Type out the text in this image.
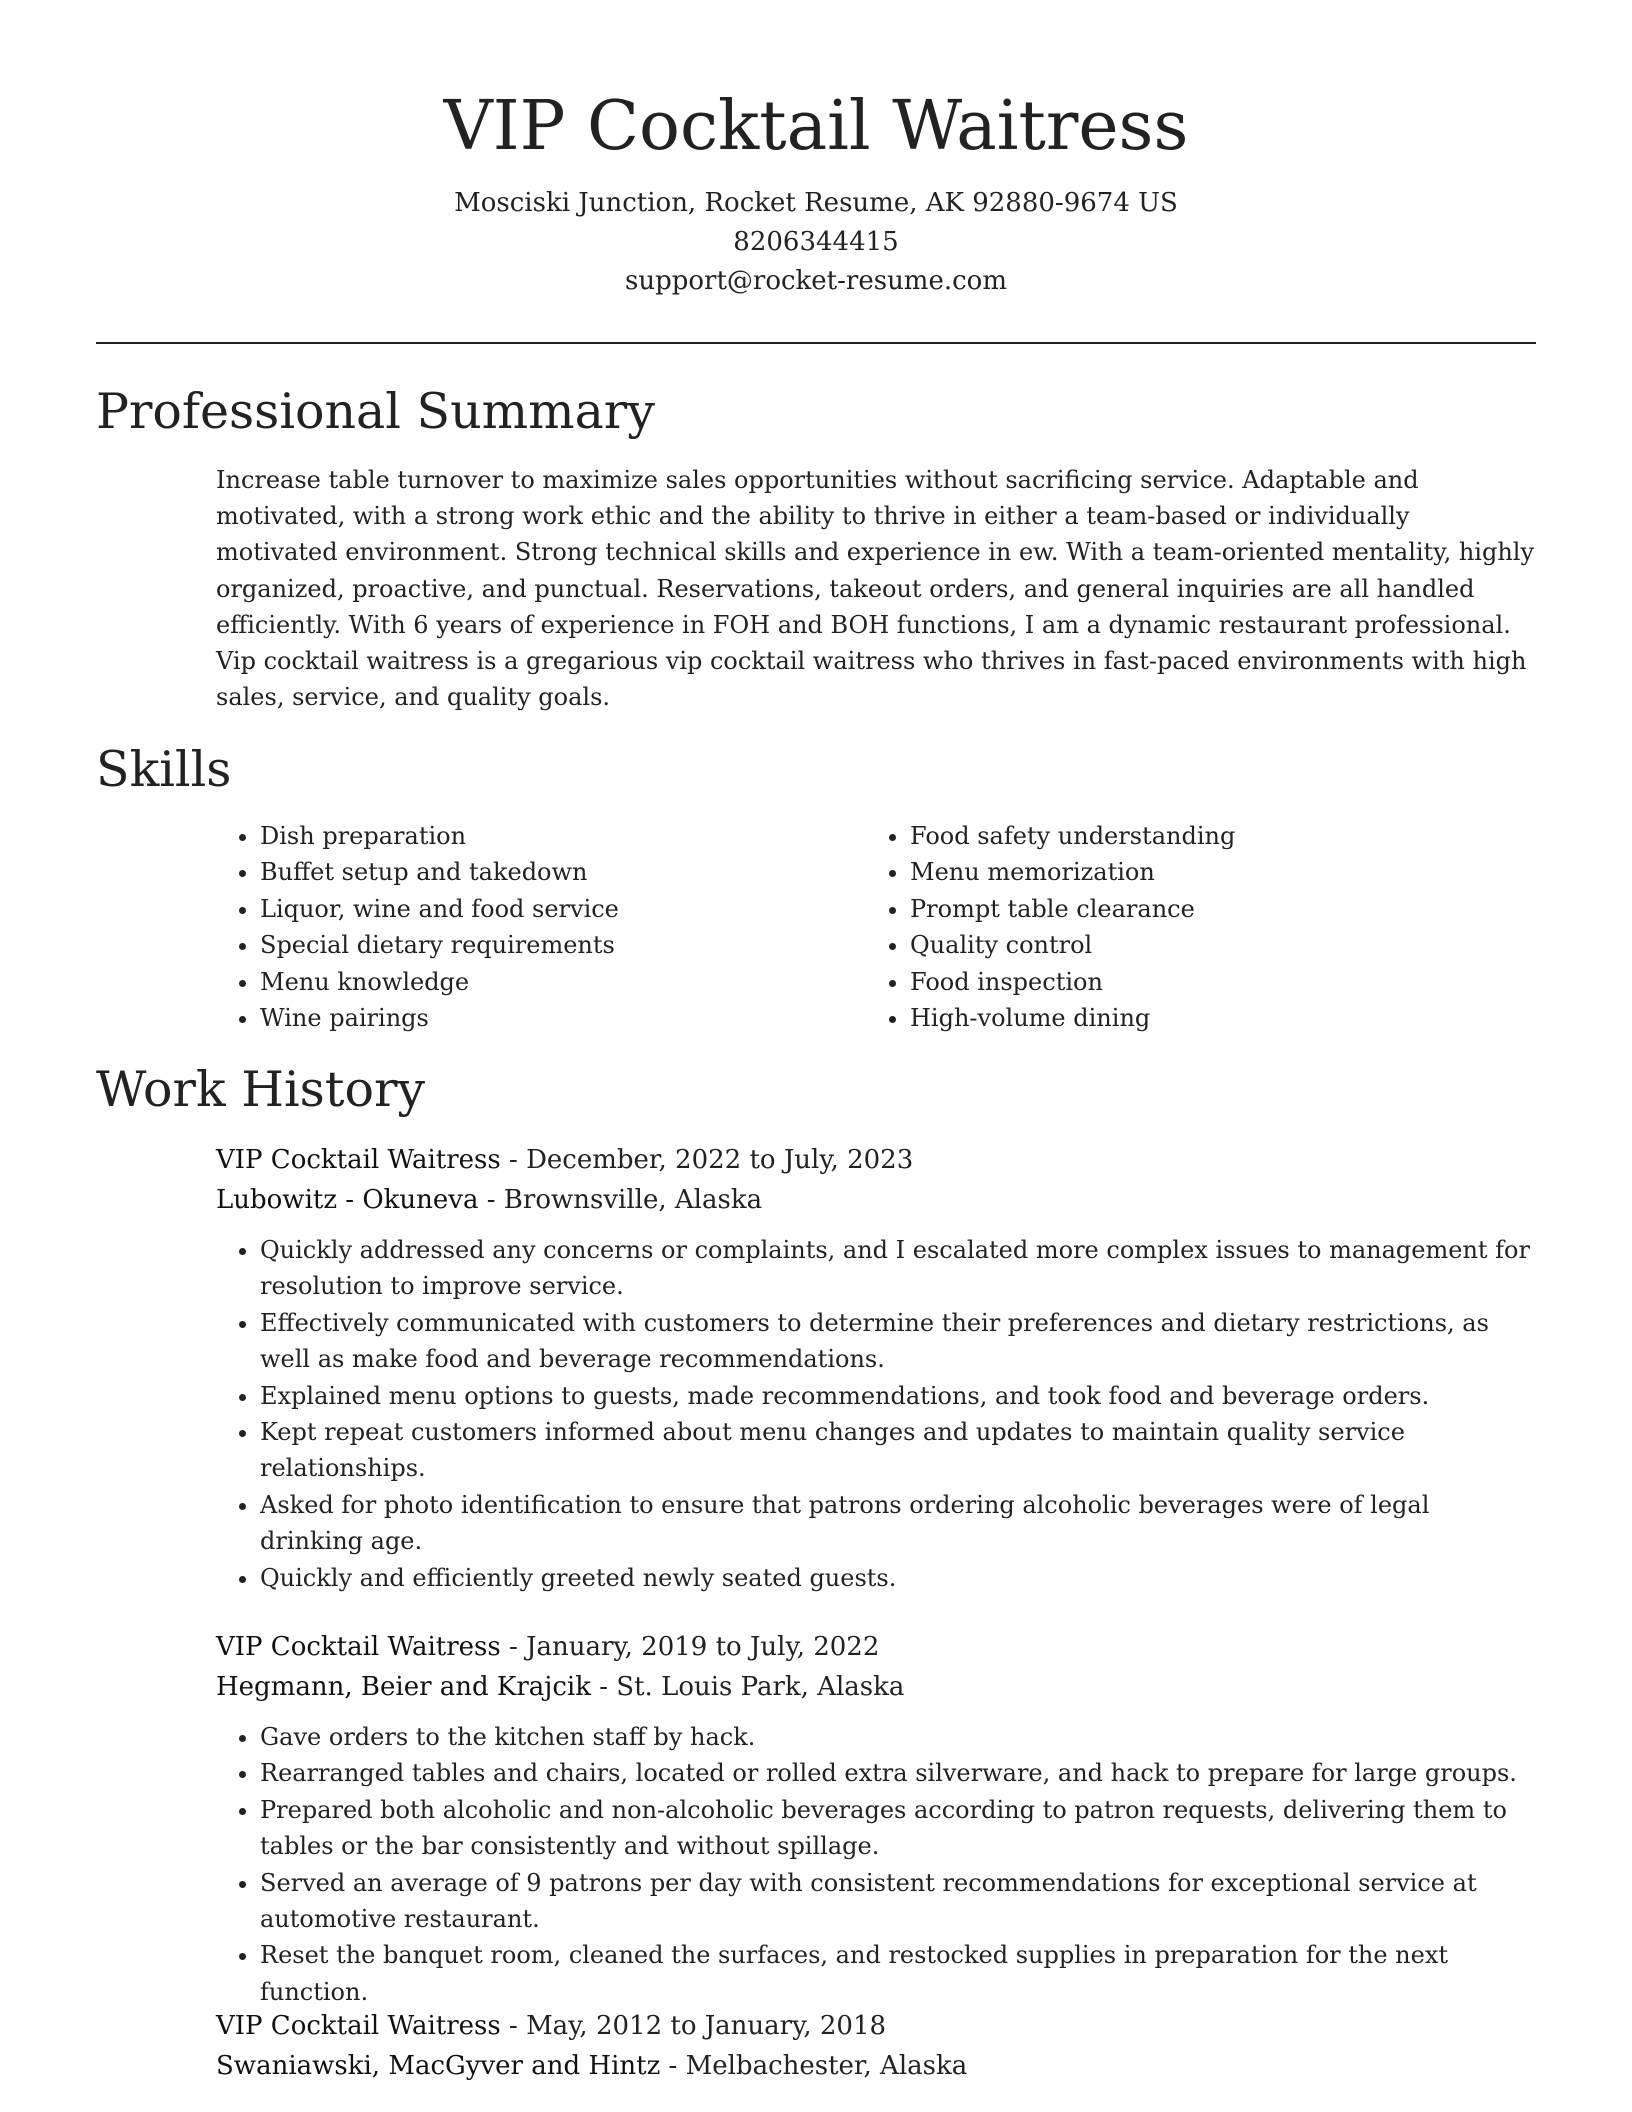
VIP Cocktail Waitress

Mosciski Junction, Rocket Resume, AK 92880-9674 US

8206344415

support@rocket-resume.com

Professional Summary

Increase table turnover to maximize sales opportunities without sacrificing service. Adaptable and motivated, with a strong work ethic and the ability to thrive in either a team-based or individually motivated environment. Strong technical skills and experience in ew. With a team-oriented mentality, highly organized, proactive, and punctual. Reservations, takeout orders, and general inquiries are all handled efficiently. With 6 years of experience in FOH and BOH functions, I am a dynamic restaurant professional. Vip cocktail waitress is a gregarious vip cocktail waitress who thrives in fast-paced environments with high sales, service, and quality goals.

Skills
• Dish preparation
• Buffet setup and takedown
• Liquor, wine and food service
• Special dietary requirements
• Menu knowledge
• Wine pairings
• Food safety understanding
• Menu memorization
• Prompt table clearance
• Quality control
• Food inspection
• High-volume dining
Work History

VIP Cocktail Waitress - December, 2022 to July, 2023

Lubowitz - Okuneva - Brownsville, Alaska

• Quickly addressed any concerns or complaints, and I escalated more complex issues to management for resolution to improve service.
• Effectively communicated with customers to determine their preferences and dietary restrictions, as well as make food and beverage recommendations.
• Explained menu options to guests, made recommendations, and took food and beverage orders.
• Kept repeat customers informed about menu changes and updates to maintain quality service relationships.
• Asked for photo identification to ensure that patrons ordering alcoholic beverages were of legal drinking age.
• Quickly and efficiently greeted newly seated guests.

VIP Cocktail Waitress - January, 2019 to July, 2022

Hegmann, Beier and Krajcik - St. Louis Park, Alaska

• Gave orders to the kitchen staff by hack.
• Rearranged tables and chairs, located or rolled extra silverware, and hack to prepare for large groups.
• Prepared both alcoholic and non-alcoholic beverages according to patron requests, delivering them to tables or the bar consistently and without spillage.
• Served an average of 9 patrons per day with consistent recommendations for exceptional service at automotive restaurant.
• Reset the banquet room, cleaned the surfaces, and restocked supplies in preparation for the next function.

VIP Cocktail Waitress - May, 2012 to January, 2018

Swaniawski, MacGyver and Hintz - Melbachester, Alaska
